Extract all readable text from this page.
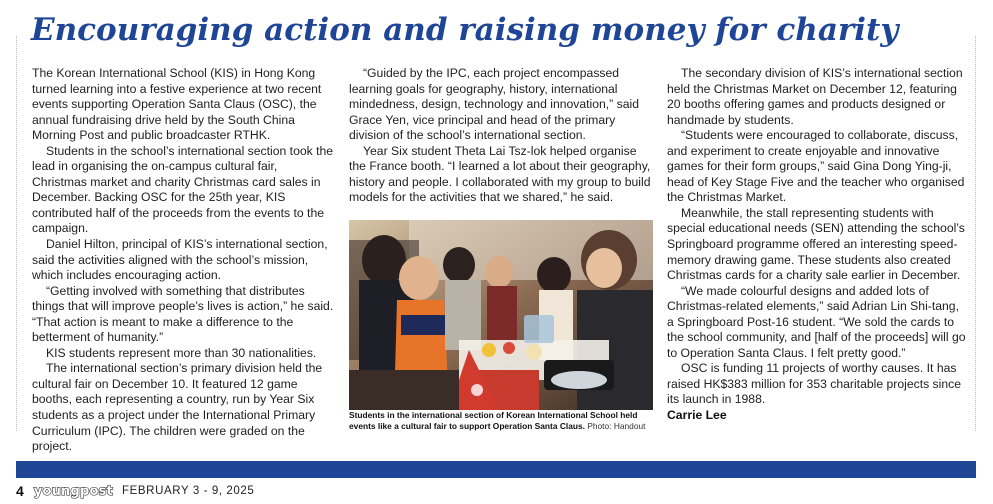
Encouraging action and raising money for charity

The Korean International School (KIS) in Hong Kong turned learning into a festive experience at two recent events supporting Operation Santa Claus (OSC), the annual fundraising drive held by the South China Morning Post and public broadcaster RTHK.

Students in the school’s international section took the lead in organising the on-campus cultural fair, Christmas market and charity Christmas card sales in December. Backing OSC for the 25th year, KIS contributed half of the proceeds from the events to the campaign.

Daniel Hilton, principal of KIS’s international section, said the activities aligned with the school’s mission, which includes encouraging action.

“Getting involved with something that distributes things that will improve people’s lives is action,” he said. “That action is meant to make a difference to the betterment of humanity.”

KIS students represent more than 30 nationalities.

The international section’s primary division held the cultural fair on December 10. It featured 12 game booths, each representing a country, run by Year Six students as a project under the International Primary Curriculum (IPC). The children were graded on the project.

“Guided by the IPC, each project encompassed learning goals for geography, history, international mindedness, design, technology and innovation,” said Grace Yen, vice principal and head of the primary division of the school’s international section.

Year Six student Theta Lai Tsz-lok helped organise the France booth. “I learned a lot about their geography, history and people. I collaborated with my group to build models for the activities that we shared,” he said.

Students in the international section of Korean International School held events like a cultural fair to support Operation Santa Claus. Photo: Handout

The secondary division of KIS’s international section held the Christmas Market on December 12, featuring 20 booths offering games and products designed or handmade by students.

“Students were encouraged to collaborate, discuss, and experiment to create enjoyable and innovative games for their form groups,” said Gina Dong Ying-ji, head of Key Stage Five and the teacher who organised the Christmas Market.

Meanwhile, the stall representing students with special educational needs (SEN) attending the school’s Springboard programme offered an interesting speed-memory drawing game. These students also created Christmas cards for a charity sale earlier in December.

“We made colourful designs and added lots of Christmas-related elements,” said Adrian Lin Shi-tang, a Springboard Post-16 student. “We sold the cards to the school community, and [half of the proceeds] will go to Operation Santa Claus. I felt pretty good.”

OSC is funding 11 projects of worthy causes. It has raised HK$383 million for 353 charitable projects since its launch in 1988.

Carrie Lee

4 youngpost FEBRUARY 3 - 9, 2025
